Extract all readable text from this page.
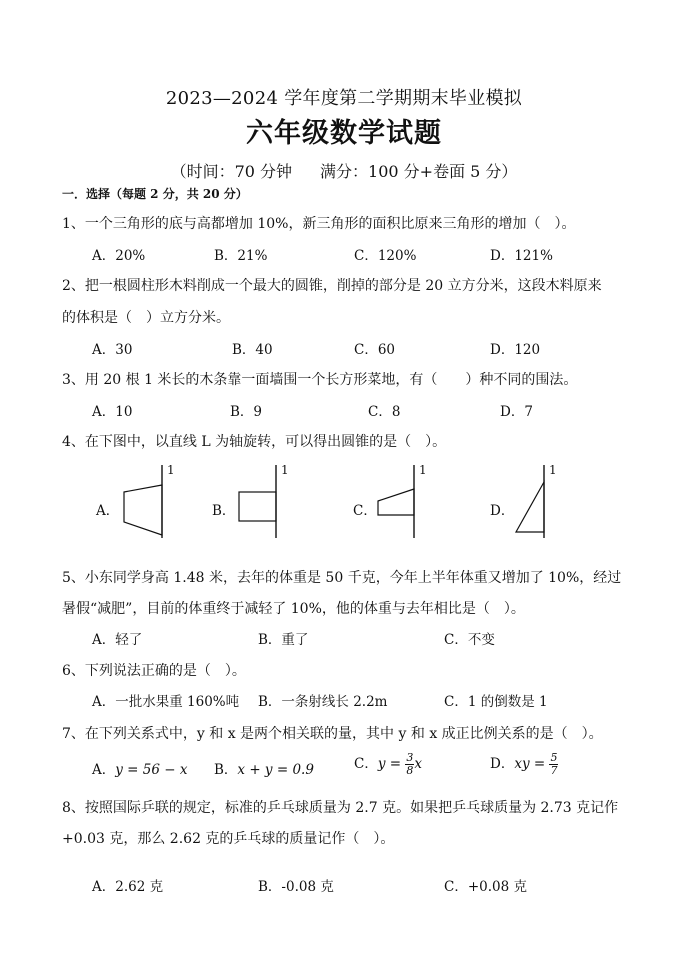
2023—2024 学年度第二学期期末毕业模拟
六年级数学试题
（时间：70 分钟 满分：100 分+卷面 5 分）
一．选择（每题 2 分，共 20 分）
1、一个三角形的底与高都增加 10%，新三角形的面积比原来三角形的增加（　）。
A．20%	B．21%	C．120%	D．121%
2、把一根圆柱形木料削成一个最大的圆锥，削掉的部分是 20 立方分米，这段木料原来
的体积是（　）立方分米。
A．30	B．40	C．60	D．120
3、用 20 根 1 米长的木条靠一面墙围一个长方形菜地，有（　　）种不同的围法。
A．10	B．9	C．8	D．7
4、在下图中，以直线 L 为轴旋转，可以得出圆锥的是（　）。
A．
1
B．
1
C．
1
D．
1
5、小东同学身高 1.48 米，去年的体重是 50 千克，今年上半年体重又增加了 10%，经过
暑假“减肥”，目前的体重终于减轻了 10%，他的体重与去年相比是（　）。
A．轻了	B．重了	C．不变
6、下列说法正确的是（　）。
A．一批水果重 160%吨 B．一条射线长 2.2m	C．1 的倒数是 1
7、在下列关系式中，y 和 x 是两个相关联的量，其中 y 和 x 成正比例关系的是（　）。
A．y = 56 − x B．x + y = 0.9	C．$y = \frac{3}{8}$ x	D．xy = $\frac{5}{7}$
8、按照国际乒联的规定，标准的乒乓球质量为 2.7 克。如果把乒乓球质量为 2.73 克记作
+0.03 克，那么 2.62 克的乒乓球的质量记作（　）。
A．2.62 克	B．-0.08 克	C．+0.08 克
